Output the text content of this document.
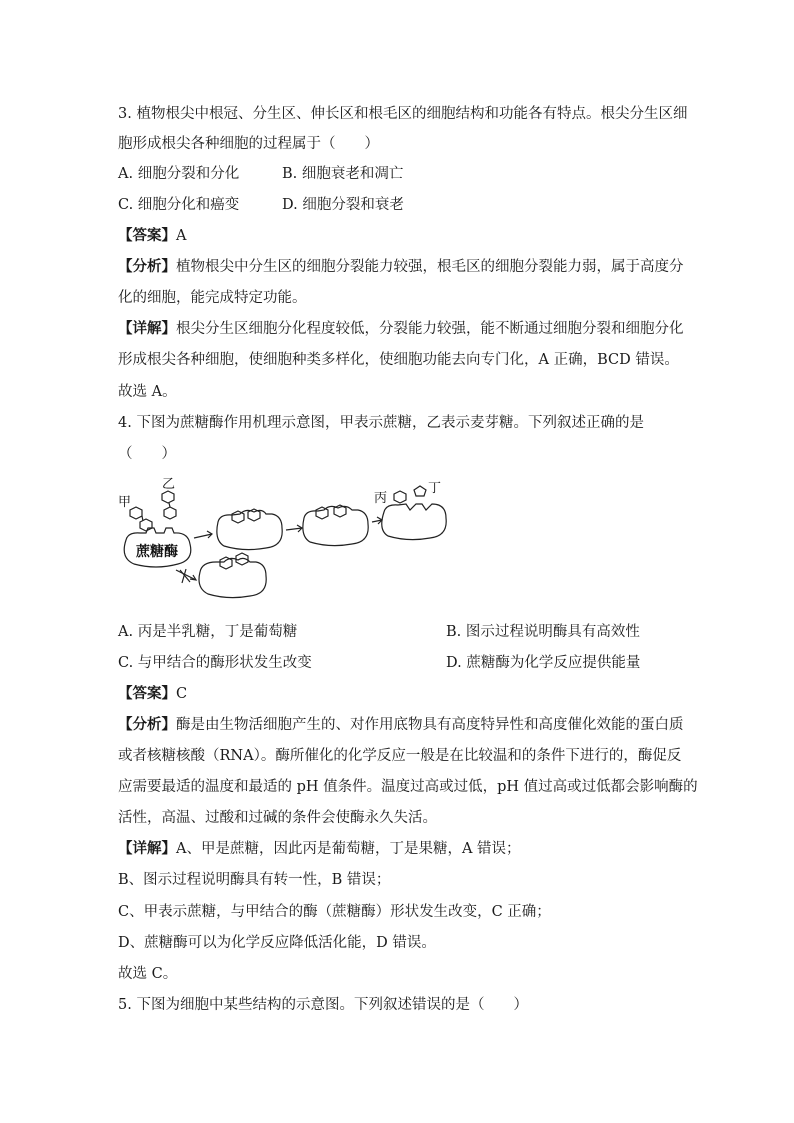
3. 植物根尖中根冠、分生区、伸长区和根毛区的细胞结构和功能各有特点。根尖分生区细
胞形成根尖各种细胞的过程属于（　　）
A. 细胞分裂和分化	B. 细胞衰老和凋亡
C. 细胞分化和癌变	D. 细胞分裂和衰老
【答案】A
【分析】植物根尖中分生区的细胞分裂能力较强，根毛区的细胞分裂能力弱，属于高度分
化的细胞，能完成特定功能。
【详解】根尖分生区细胞分化程度较低，分裂能力较强，能不断通过细胞分裂和细胞分化
形成根尖各种细胞，使细胞种类多样化，使细胞功能去向专门化，A 正确，BCD 错误。
故选 A。
4. 下图为蔗糖酶作用机理示意图，甲表示蔗糖，乙表示麦芽糖。下列叙述正确的是
（　　）
甲
乙
丙
丁
蔗糖酶
A. 丙是半乳糖，丁是葡萄糖	B. 图示过程说明酶具有高效性
C. 与甲结合的酶形状发生改变	D. 蔗糖酶为化学反应提供能量
【答案】C
【分析】酶是由生物活细胞产生的、对作用底物具有高度特异性和高度催化效能的蛋白质
或者核糖核酸（RNA）。酶所催化的化学反应一般是在比较温和的条件下进行的，酶促反
应需要最适的温度和最适的 pH 值条件。温度过高或过低，pH 值过高或过低都会影响酶的
活性，高温、过酸和过碱的条件会使酶永久失活。
【详解】A、甲是蔗糖，因此丙是葡萄糖，丁是果糖，A 错误；
B、图示过程说明酶具有转一性，B 错误；
C、甲表示蔗糖，与甲结合的酶（蔗糖酶）形状发生改变，C 正确；
D、蔗糖酶可以为化学反应降低活化能，D 错误。
故选 C。
5. 下图为细胞中某些结构的示意图。下列叙述错误的是（　　）
